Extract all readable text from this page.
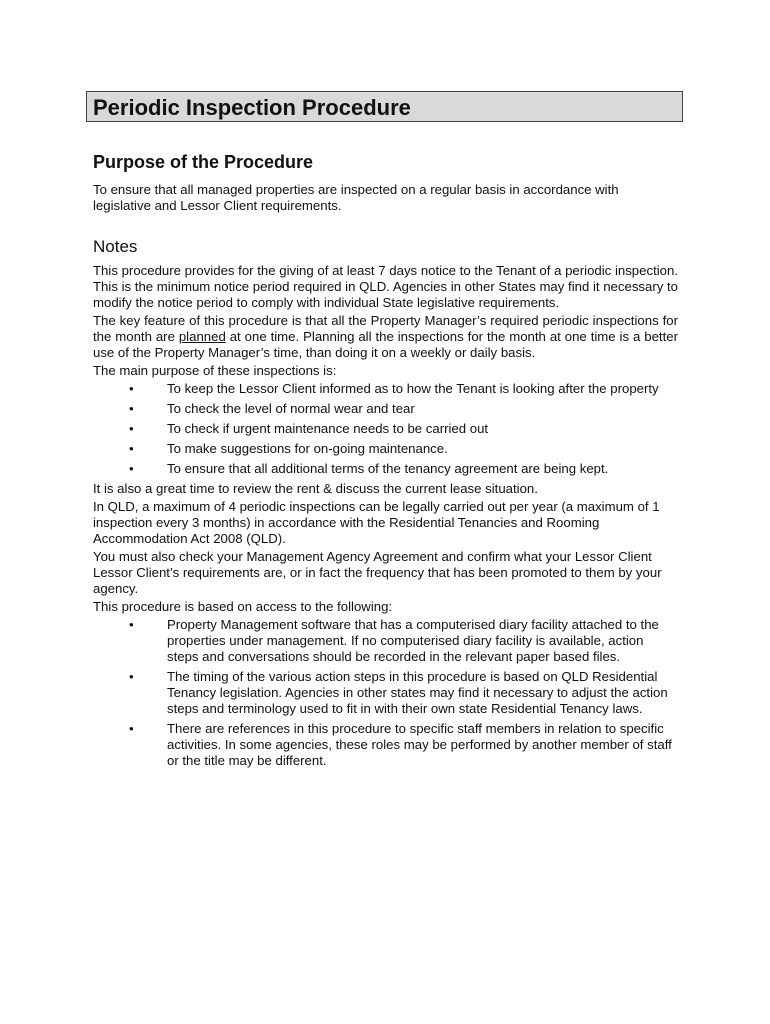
Periodic Inspection Procedure
Purpose of the Procedure

To ensure that all managed properties are inspected on a regular basis in accordance with legislative and Lessor Client requirements.

Notes

This procedure provides for the giving of at least 7 days notice to the Tenant of a periodic inspection. This is the minimum notice period required in QLD. Agencies in other States may find it necessary to modify the notice period to comply with individual State legislative requirements.

The key feature of this procedure is that all the Property Manager’s required periodic inspections for the month are planned at one time. Planning all the inspections for the month at one time is a better use of the Property Manager’s time, than doing it on a weekly or daily basis.

The main purpose of these inspections is:

•	To keep the Lessor Client informed as to how the Tenant is looking after the property
•	To check the level of normal wear and tear
•	To check if urgent maintenance needs to be carried out
•	To make suggestions for on-going maintenance.
•	To ensure that all additional terms of the tenancy agreement are being kept.

It is also a great time to review the rent & discuss the current lease situation.

In QLD, a maximum of 4 periodic inspections can be legally carried out per year (a maximum of 1 inspection every 3 months) in accordance with the Residential Tenancies and Rooming Accommodation Act 2008 (QLD).

You must also check your Management Agency Agreement and confirm what your Lessor Client Lessor Client’s requirements are, or in fact the frequency that has been promoted to them by your agency.

This procedure is based on access to the following:

•	Property Management software that has a computerised diary facility attached to the properties under management. If no computerised diary facility is available, action steps and conversations should be recorded in the relevant paper based files.
•	The timing of the various action steps in this procedure is based on QLD Residential Tenancy legislation. Agencies in other states may find it necessary to adjust the action steps and terminology used to fit in with their own state Residential Tenancy laws.
•	There are references in this procedure to specific staff members in relation to specific activities. In some agencies, these roles may be performed by another member of staff or the title may be different.
